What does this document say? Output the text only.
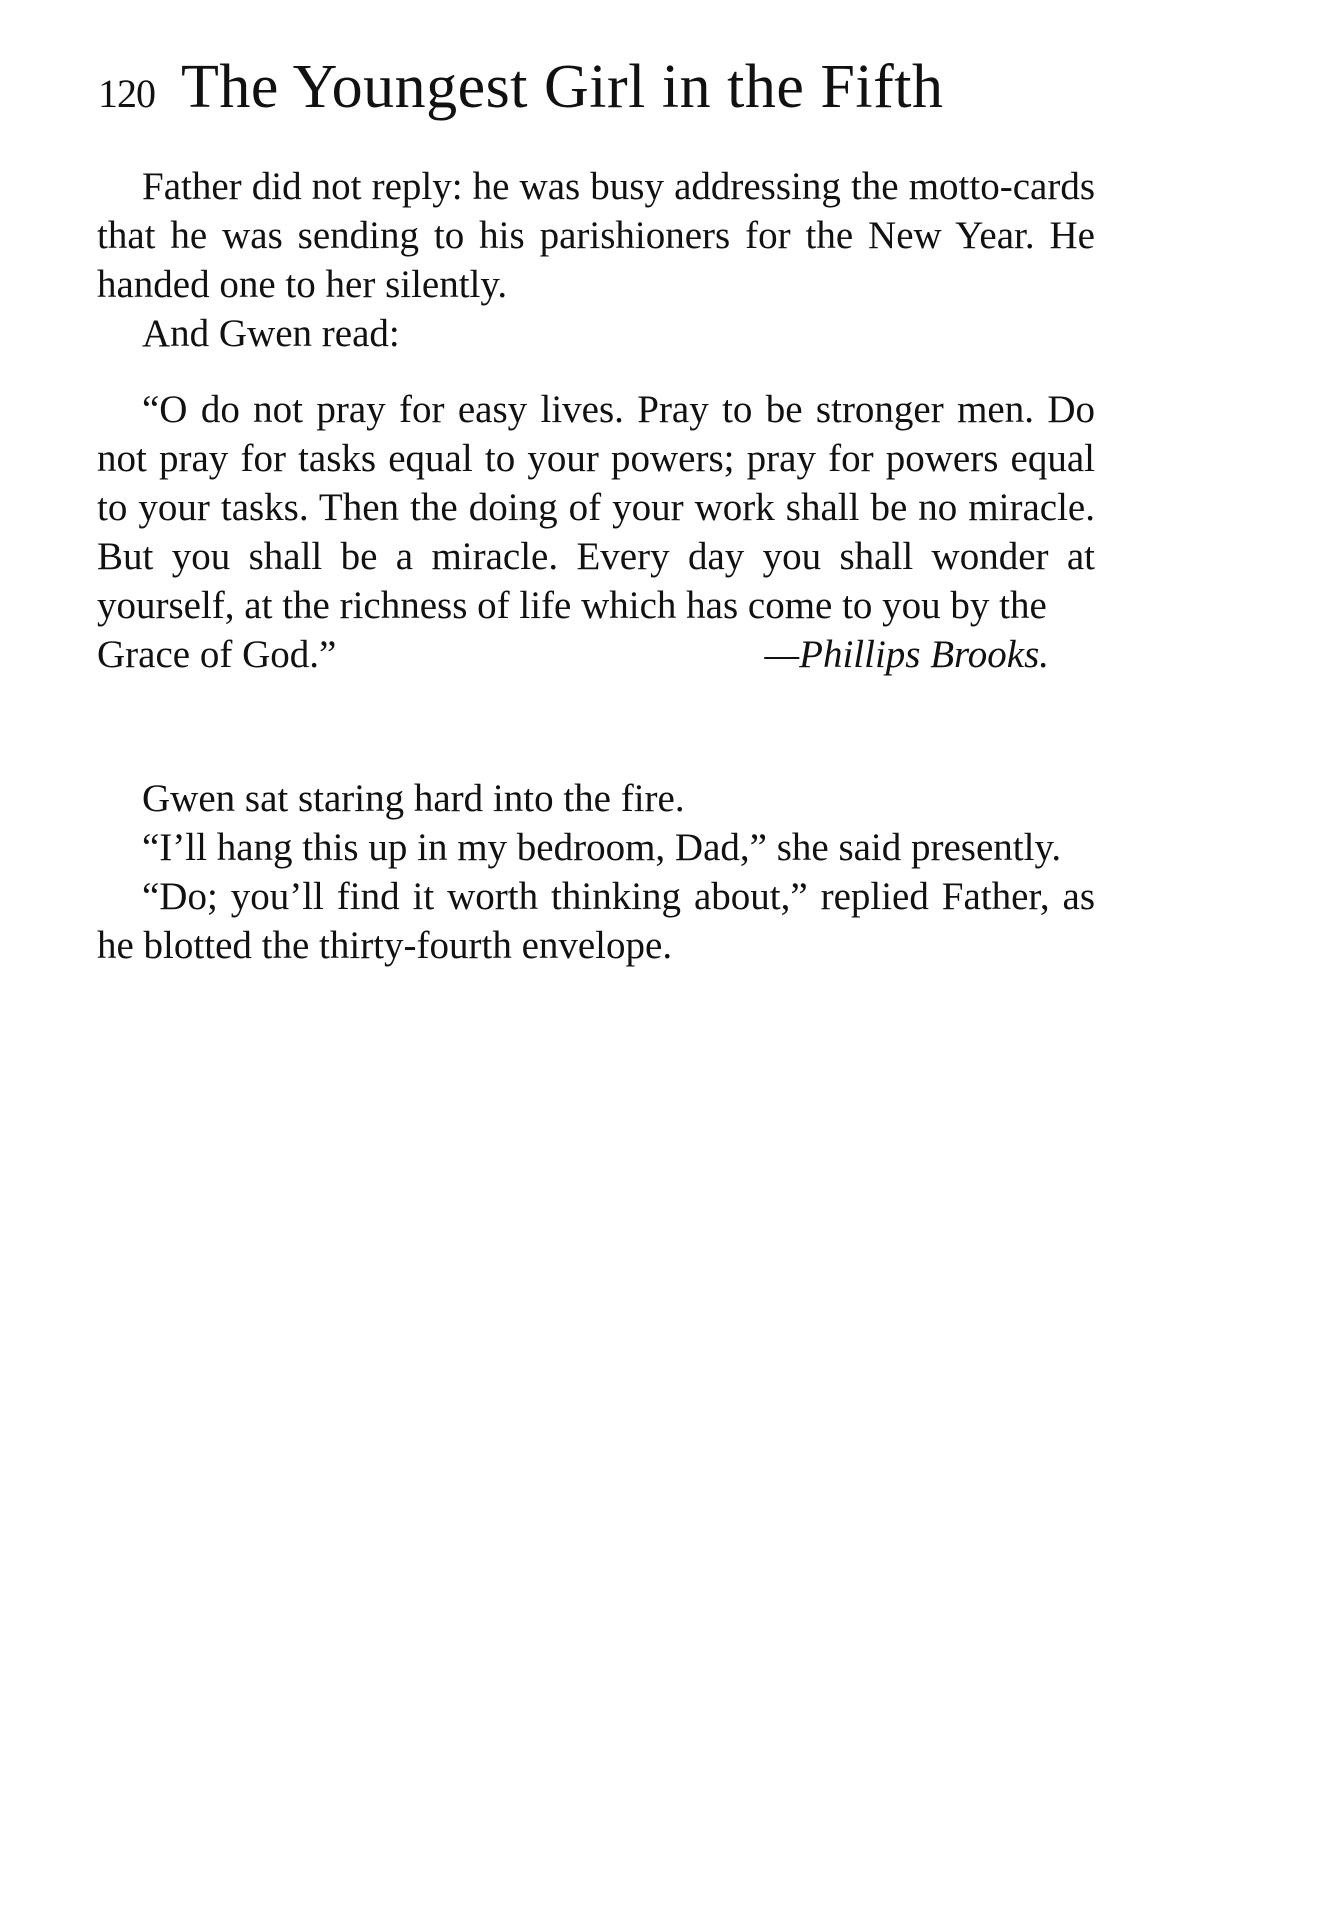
120 The Youngest Girl in the Fifth

Father did not reply: he was busy addressing the motto-cards that he was sending to his parishioners for the New Year. He handed one to her silently.

And Gwen read:

“O do not pray for easy lives. Pray to be stronger men. Do not pray for tasks equal to your powers; pray for powers equal to your tasks. Then the doing of your work shall be no miracle. But you shall be a miracle. Every day you shall wonder at yourself, at the richness of life which has come to you by the

Grace of God.”	—Phillips Brooks.

Gwen sat staring hard into the fire.

“I’ll hang this up in my bedroom, Dad,” she said presently.

“Do; you’ll find it worth thinking about,” replied Father, as he blotted the thirty-fourth envelope.
